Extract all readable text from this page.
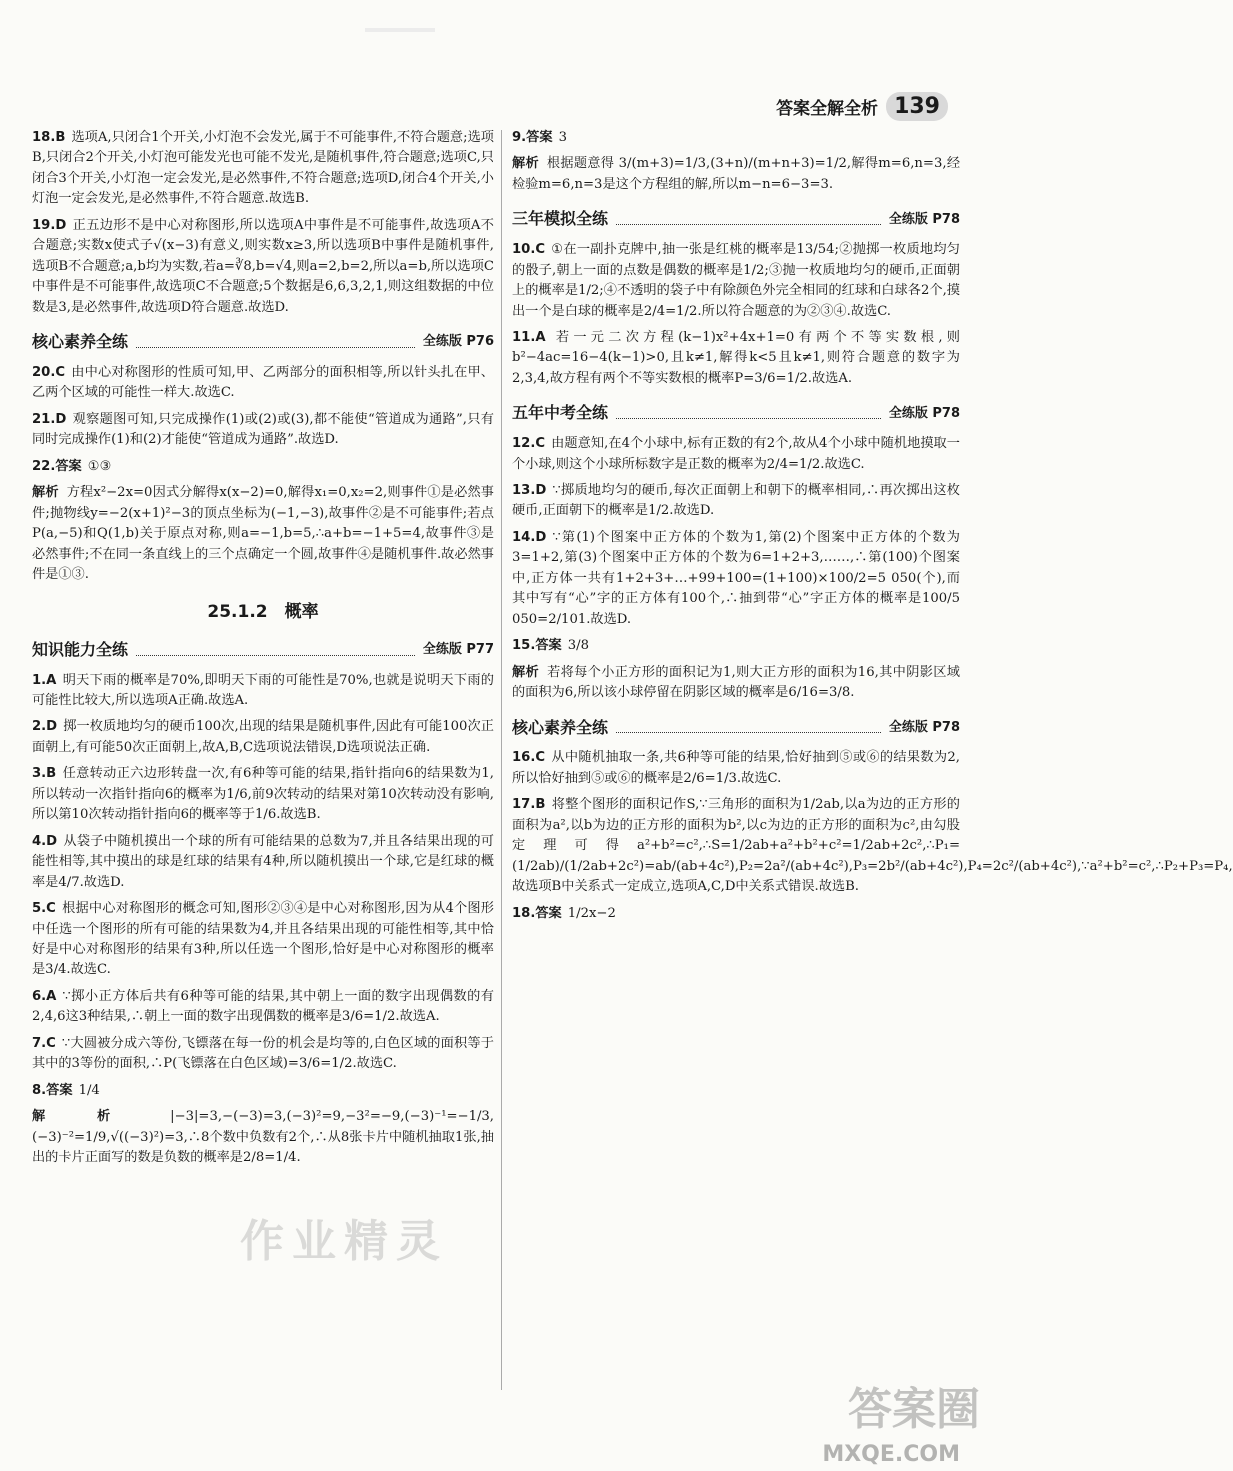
答案全解全析 139
18.B 选项A,只闭合1个开关,小灯泡不会发光,属于不可能事件,不符合题意;选项B,只闭合2个开关,小灯泡可能发光也可能不发光,是随机事件,符合题意;选项C,只闭合3个开关,小灯泡一定会发光,是必然事件,不符合题意;选项D,闭合4个开关,小灯泡一定会发光,是必然事件,不符合题意.故选B.
19.D 正五边形不是中心对称图形,所以选项A中事件是不可能事件,故选项A不合题意;实数x使式子√(x−3)有意义,则实数x≥3,所以选项B中事件是随机事件,选项B不合题意;a,b均为实数,若a=∛8,b=√4,则a=2,b=2,所以a=b,所以选项C中事件是不可能事件,故选项C不合题意;5个数据是6,6,3,2,1,则这组数据的中位数是3,是必然事件,故选项D符合题意.故选D.
核心素养全练	全练版 P76
20.C 由中心对称图形的性质可知,甲、乙两部分的面积相等,所以针头扎在甲、乙两个区域的可能性一样大.故选C.
21.D 观察题图可知,只完成操作(1)或(2)或(3),都不能使“管道成为通路”,只有同时完成操作(1)和(2)才能使“管道成为通路”.故选D.
22.答案 ①③
解析 方程x²−2x=0因式分解得x(x−2)=0,解得x₁=0,x₂=2,则事件①是必然事件;抛物线y=−2(x+1)²−3的顶点坐标为(−1,−3),故事件②是不可能事件;若点P(a,−5)和Q(1,b)关于原点对称,则a=−1,b=5,∴a+b=−1+5=4,故事件③是必然事件;不在同一条直线上的三个点确定一个圆,故事件④是随机事件.故必然事件是①③.
25.1.2　概率
知识能力全练	全练版 P77
1.A 明天下雨的概率是70%,即明天下雨的可能性是70%,也就是说明天下雨的可能性比较大,所以选项A正确.故选A.
2.D 掷一枚质地均匀的硬币100次,出现的结果是随机事件,因此有可能100次正面朝上,有可能50次正面朝上,故A,B,C选项说法错误,D选项说法正确.
3.B 任意转动正六边形转盘一次,有6种等可能的结果,指针指向6的结果数为1,所以转动一次指针指向6的概率为1/6,前9次转动的结果对第10次转动没有影响,所以第10次转动指针指向6的概率等于1/6.故选B.
4.D 从袋子中随机摸出一个球的所有可能结果的总数为7,并且各结果出现的可能性相等,其中摸出的球是红球的结果有4种,所以随机摸出一个球,它是红球的概率是4/7.故选D.
5.C 根据中心对称图形的概念可知,图形②③④是中心对称图形,因为从4个图形中任选一个图形的所有可能的结果数为4,并且各结果出现的可能性相等,其中恰好是中心对称图形的结果有3种,所以任选一个图形,恰好是中心对称图形的概率是3/4.故选C.
6.A ∵掷小正方体后共有6种等可能的结果,其中朝上一面的数字出现偶数的有2,4,6这3种结果,∴朝上一面的数字出现偶数的概率是3/6=1/2.故选A.
7.C ∵大圆被分成六等份,飞镖落在每一份的机会是均等的,白色区域的面积等于其中的3等份的面积,∴P(飞镖落在白色区域)=3/6=1/2.故选C.
8.答案 1/4
解析 |−3|=3,−(−3)=3,(−3)²=9,−3²=−9,(−3)⁻¹=−1/3,(−3)⁻²=1/9,√((−3)²)=3,∴8个数中负数有2个,∴从8张卡片中随机抽取1张,抽出的卡片正面写的数是负数的概率是2/8=1/4.
9.答案 3
解析 根据题意得 3/(m+3)=1/3,(3+n)/(m+n+3)=1/2,解得m=6,n=3,经检验m=6,n=3是这个方程组的解,所以m−n=6−3=3.
三年模拟全练	全练版 P78
10.C ①在一副扑克牌中,抽一张是红桃的概率是13/54;②抛掷一枚质地均匀的骰子,朝上一面的点数是偶数的概率是1/2;③抛一枚质地均匀的硬币,正面朝上的概率是1/2;④不透明的袋子中有除颜色外完全相同的红球和白球各2个,摸出一个是白球的概率是2/4=1/2.所以符合题意的为②③④.故选C.
11.A 若一元二次方程(k−1)x²+4x+1=0有两个不等实数根,则b²−4ac=16−4(k−1)>0,且k≠1,解得k<5且k≠1,则符合题意的数字为2,3,4,故方程有两个不等实数根的概率P=3/6=1/2.故选A.
五年中考全练	全练版 P78
12.C 由题意知,在4个小球中,标有正数的有2个,故从4个小球中随机地摸取一个小球,则这个小球所标数字是正数的概率为2/4=1/2.故选C.
13.D ∵掷质地均匀的硬币,每次正面朝上和朝下的概率相同,∴再次掷出这枚硬币,正面朝下的概率是1/2.故选D.
14.D ∵第(1)个图案中正方体的个数为1,第(2)个图案中正方体的个数为3=1+2,第(3)个图案中正方体的个数为6=1+2+3,……,∴第(100)个图案中,正方体一共有1+2+3+…+99+100=(1+100)×100/2=5 050(个),而其中写有“心”字的正方体有100个,∴抽到带“心”字正方体的概率是100/5 050=2/101.故选D.
15.答案 3/8
解析 若将每个小正方形的面积记为1,则大正方形的面积为16,其中阴影区域的面积为6,所以该小球停留在阴影区域的概率是6/16=3/8.
核心素养全练	全练版 P78
16.C 从中随机抽取一条,共6种等可能的结果,恰好抽到⑤或⑥的结果数为2,所以恰好抽到⑤或⑥的概率是2/6=1/3.故选C.
17.B 将整个图形的面积记作S,∵三角形的面积为1/2ab,以a为边的正方形的面积为a²,以b为边的正方形的面积为b²,以c为边的正方形的面积为c²,由勾股定理可得a²+b²=c²,∴S=1/2ab+a²+b²+c²=1/2ab+2c²,∴P₁=(1/2ab)/(1/2ab+2c²)=ab/(ab+4c²),P₂=2a²/(ab+4c²),P₃=2b²/(ab+4c²),P₄=2c²/(ab+4c²),∵a²+b²=c²,∴P₂+P₃=P₄,故选项B中关系式一定成立,选项A,C,D中关系式错误.故选B.
18.答案 1/2x−2
作业精灵
答案圈
MXQE.COM
